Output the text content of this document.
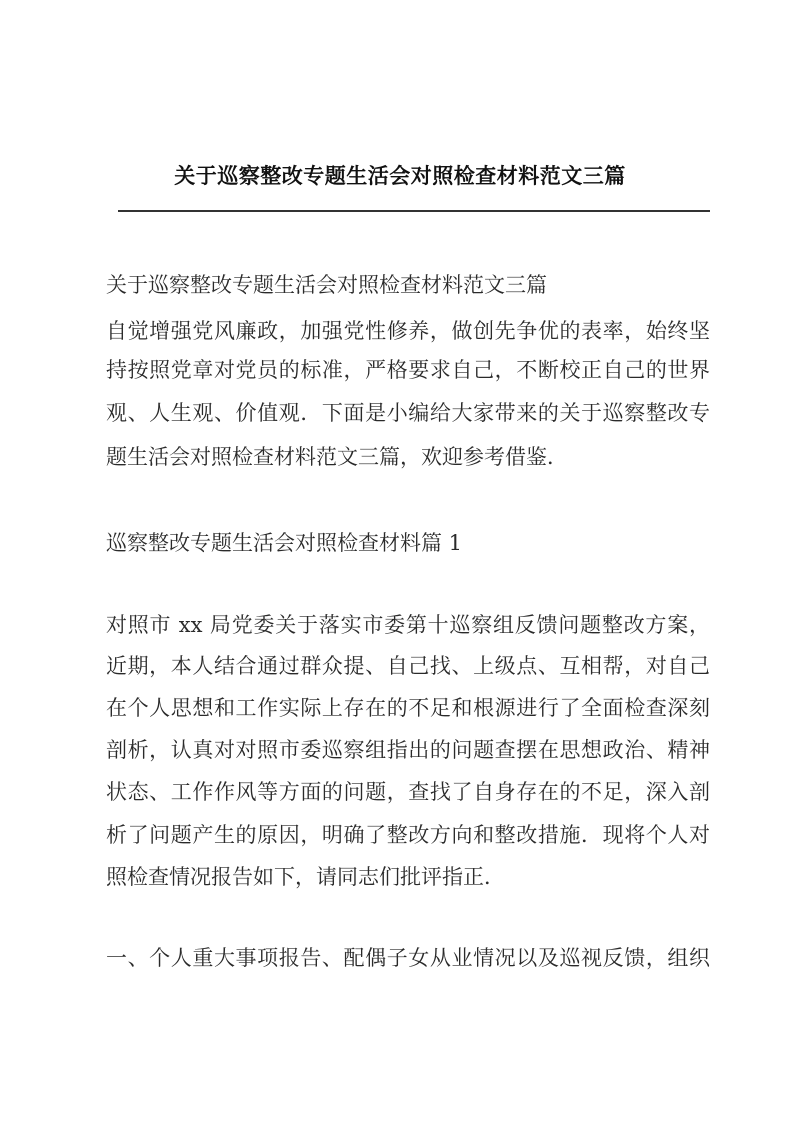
关于巡察整改专题生活会对照检查材料范文三篇
关于巡察整改专题生活会对照检查材料范文三篇
自觉增强党风廉政，加强党性修养，做创先争优的表率，始终坚
持按照党章对党员的标准，严格要求自己，不断校正自己的世界
观、人生观、价值观．下面是小编给大家带来的关于巡察整改专
题生活会对照检查材料范文三篇，欢迎参考借鉴．
巡察整改专题生活会对照检查材料篇 1
对照市 xx 局党委关于落实市委第十巡察组反馈问题整改方案，
近期，本人结合通过群众提、自己找、上级点、互相帮，对自己
在个人思想和工作实际上存在的不足和根源进行了全面检查深刻
剖析，认真对对照市委巡察组指出的问题查摆在思想政治、精神
状态、工作作风等方面的问题，查找了自身存在的不足，深入剖
析了问题产生的原因，明确了整改方向和整改措施．现将个人对
照检查情况报告如下，请同志们批评指正．
一、个人重大事项报告、配偶子女从业情况以及巡视反馈，组织
